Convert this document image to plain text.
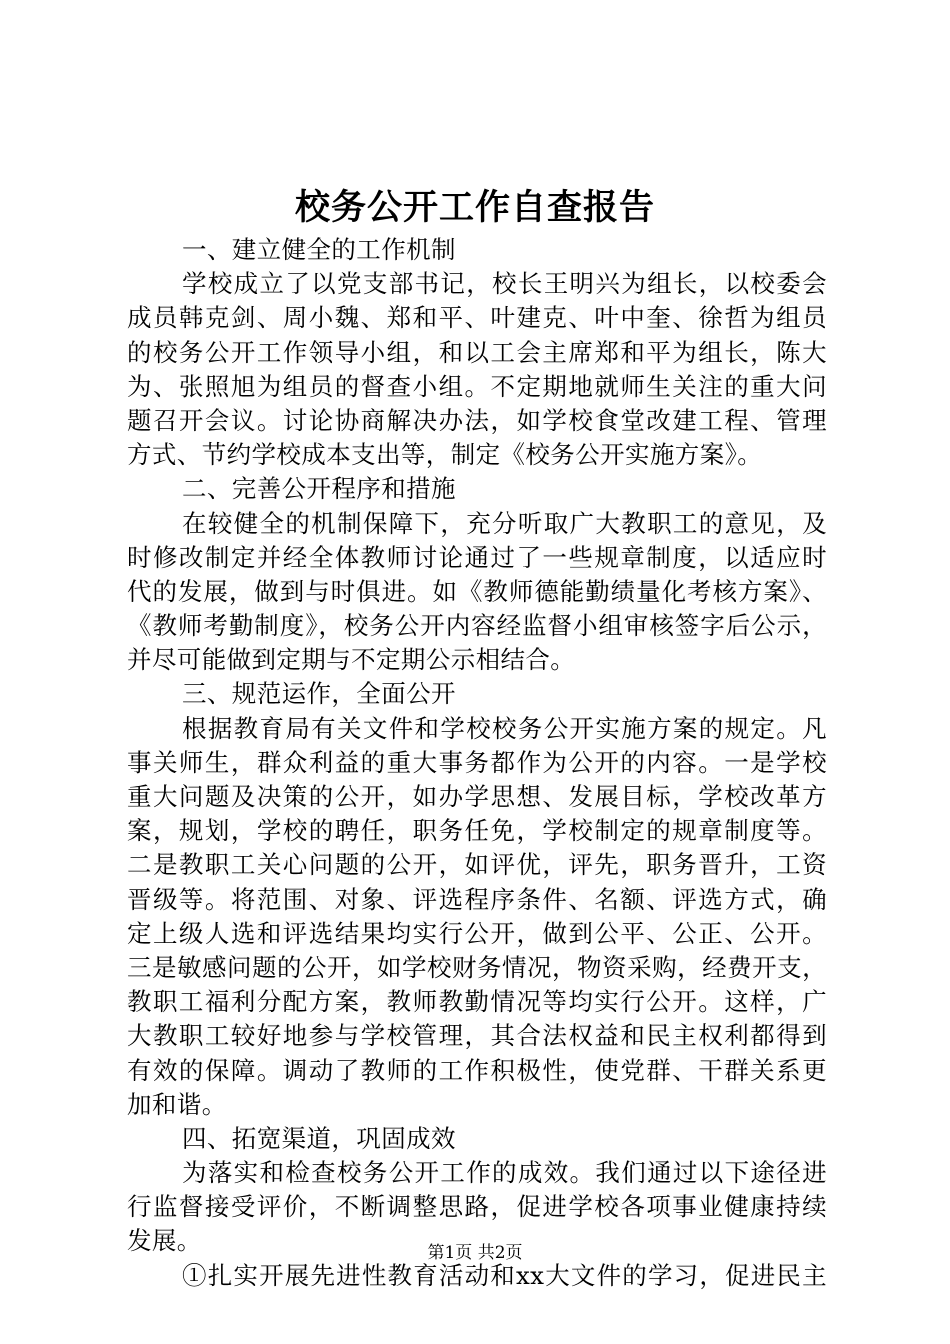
校务公开工作自查报告
一、建立健全的工作机制
学校成立了以党支部书记，校长王明兴为组长，以校委会
成员韩克剑、周小魏、郑和平、叶建克、叶中奎、徐哲为组员
的校务公开工作领导小组，和以工会主席郑和平为组长，陈大
为、张照旭为组员的督查小组。不定期地就师生关注的重大问
题召开会议。讨论协商解决办法，如学校食堂改建工程、管理
方式、节约学校成本支出等，制定《校务公开实施方案》。
二、完善公开程序和措施
在较健全的机制保障下，充分听取广大教职工的意见，及
时修改制定并经全体教师讨论通过了一些规章制度，以适应时
代的发展，做到与时俱进。如《教师德能勤绩量化考核方案》、
《教师考勤制度》，校务公开内容经监督小组审核签字后公示，
并尽可能做到定期与不定期公示相结合。
三、规范运作，全面公开
根据教育局有关文件和学校校务公开实施方案的规定。凡
事关师生，群众利益的重大事务都作为公开的内容。一是学校
重大问题及决策的公开，如办学思想、发展目标，学校改革方
案，规划，学校的聘任，职务任免，学校制定的规章制度等。
二是教职工关心问题的公开，如评优，评先，职务晋升，工资
晋级等。将范围、对象、评选程序条件、名额、评选方式，确
定上级人选和评选结果均实行公开，做到公平、公正、公开。
三是敏感问题的公开，如学校财务情况，物资采购，经费开支，
教职工福利分配方案，教师教勤情况等均实行公开。这样，广
大教职工较好地参与学校管理，其合法权益和民主权利都得到
有效的保障。调动了教师的工作积极性，使党群、干群关系更
加和谐。
四、拓宽渠道，巩固成效
为落实和检查校务公开工作的成效。我们通过以下途径进
行监督接受评价，不断调整思路，促进学校各项事业健康持续
发展。
①扎实开展先进性教育活动和xx大文件的学习，促进民主
第1页 共2页
